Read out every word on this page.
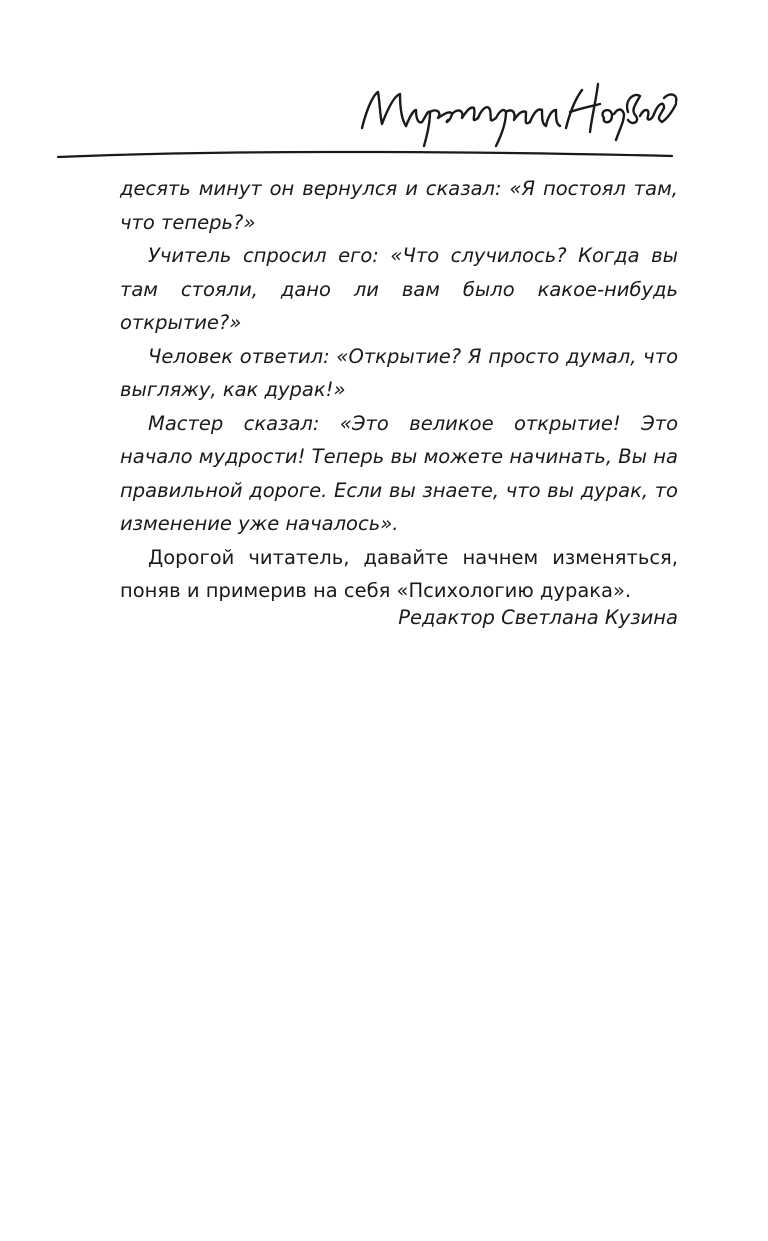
десять минут он вернулся и сказал: «Я постоял там, что теперь?»

Учитель спросил его: «Что случилось? Когда вы там стояли, дано ли вам было какое-нибудь открытие?»

Человек ответил: «Открытие? Я просто думал, что выгляжу, как дурак!»

Мастер сказал: «Это великое открытие! Это начало мудрости! Теперь вы можете начинать, Вы на правильной дороге. Если вы знаете, что вы дурак, то изменение уже началось».

Дорогой читатель, давайте начнем изменяться, поняв и примерив на себя «Психологию дурака».

Редактор Светлана Кузина
